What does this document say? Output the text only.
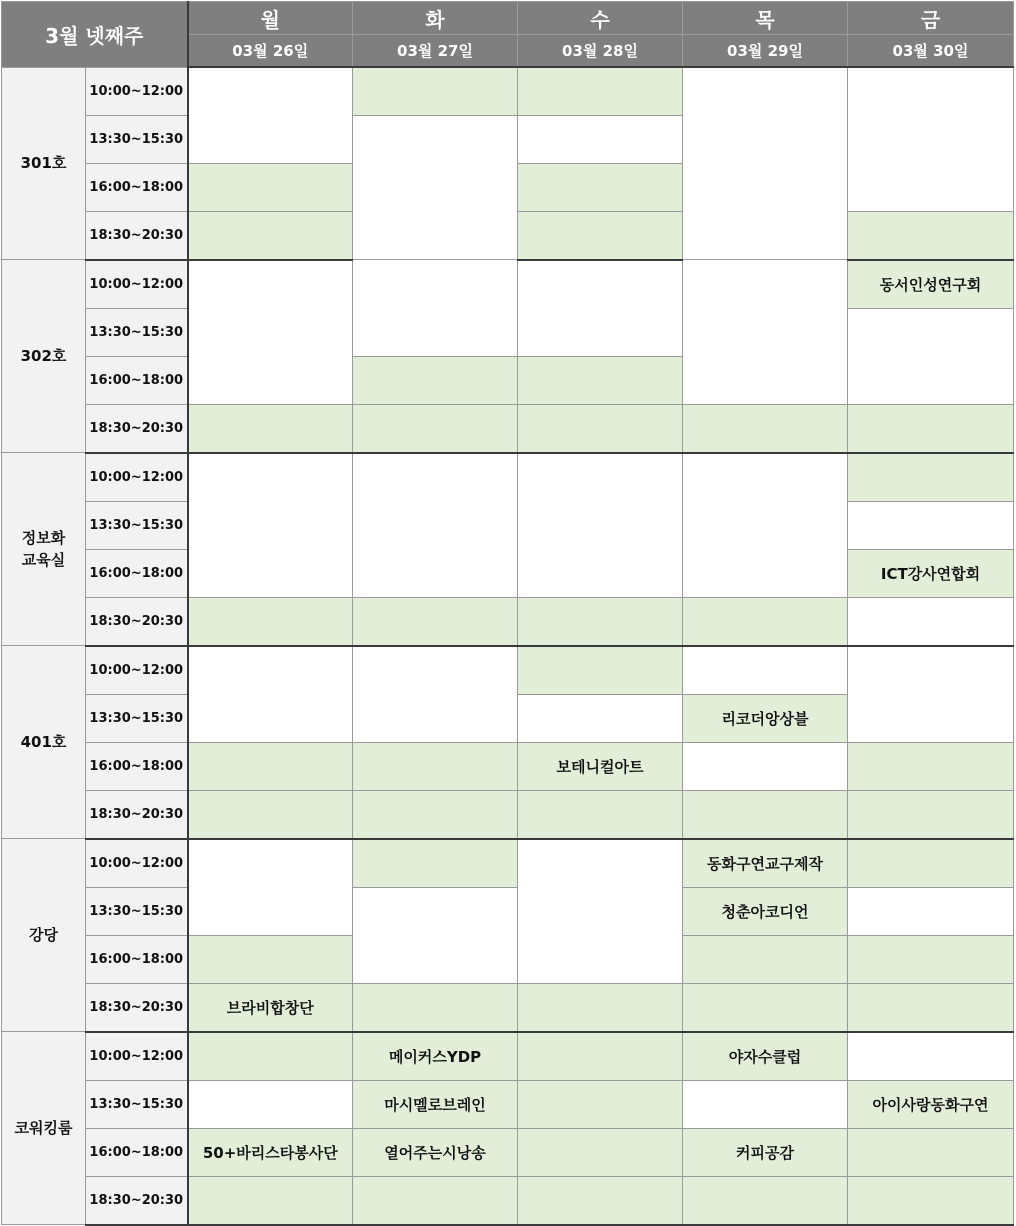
3월 넷째주		월	화	수	목	금
		03월 26일	03월 27일	03월 28일	03월 29일	03월 30일
301호	10:00~12:00					
	13:30~15:30					
	16:00~18:00					
	18:30~20:30					
302호	10:00~12:00					동서인성연구회
	13:30~15:30					
	16:00~18:00					
	18:30~20:30					
정보화
교육실	10:00~12:00					
	13:30~15:30					
	16:00~18:00					ICT강사연합회
	18:30~20:30					
401호	10:00~12:00					
	13:30~15:30				리코더앙상블	
	16:00~18:00			보테니컬아트		
	18:30~20:30					
강당	10:00~12:00				동화구연교구제작	
	13:30~15:30				청춘아코디언	
	16:00~18:00					
	18:30~20:30	브라비합창단				
코워킹룸	10:00~12:00		메이커스YDP		야자수클럽	
	13:30~15:30		마시멜로브레인			아이사랑동화구연
	16:00~18:00	50+바리스타봉사단	열어주는시낭송		커피공감	
	18:30~20:30					
